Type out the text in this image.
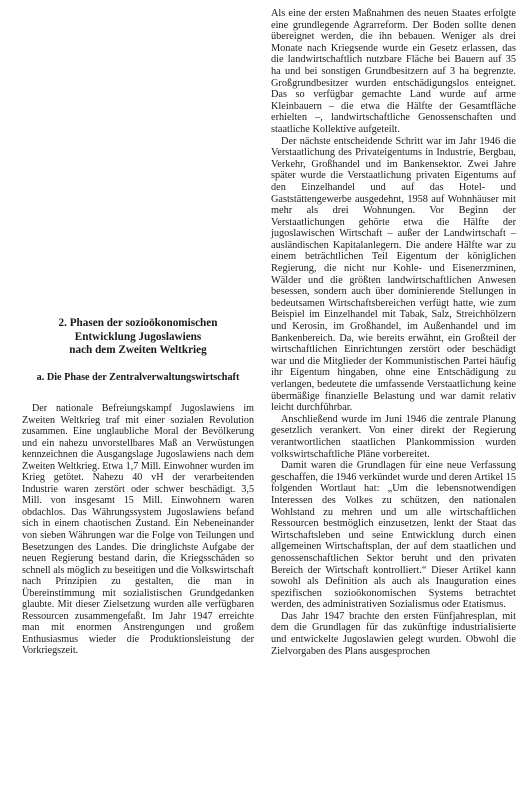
2. Phasen der sozioökonomischen
Entwicklung Jugoslawiens
nach dem Zweiten Weltkrieg
a. Die Phase der Zentralverwaltungswirtschaft

Der nationale Befreiungskampf Jugoslawiens im Zweiten Weltkrieg traf mit einer sozialen Revolution zusammen. Eine unglaubliche Moral der Bevölkerung und ein nahezu unvorstellbares Maß an Verwüstungen kennzeichnen die Ausgangslage Jugoslawiens nach dem Zweiten Weltkrieg. Etwa 1,7 Mill. Einwohner wurden im Krieg getötet. Nahezu 40 vH der verarbeitenden Industrie waren zerstört oder schwer beschädigt. 3,5 Mill. von insgesamt 15 Mill. Einwohnern waren obdachlos. Das Währungssystem Jugoslawiens befand sich in einem chaotischen Zustand. Ein Nebeneinander von sieben Währungen war die Folge von Teilungen und Besetzungen des Landes. Die dringlichste Aufgabe der neuen Regierung bestand darin, die Kriegsschäden so schnell als möglich zu beseitigen und die Volkswirtschaft nach Prinzipien zu gestalten, die man in Übereinstimmung mit sozialistischen Grundgedanken glaubte. Mit dieser Zielsetzung wurden alle verfügbaren Ressourcen zusammengefaßt. Im Jahr 1947 erreichte man mit enormen Anstrengungen und großem Enthusiasmus wieder die Produktionsleistung der Vorkriegszeit.

Als eine der ersten Maßnahmen des neuen Staates erfolgte eine grundlegende Agrarreform. Der Boden sollte denen übereignet werden, die ihn bebauen. Weniger als drei Monate nach Kriegsende wurde ein Gesetz erlassen, das die landwirtschaftlich nutzbare Fläche bei Bauern auf 35 ha und bei sonstigen Grundbesitzern auf 3 ha begrenzte. Großgrundbesitzer wurden entschädigungslos enteignet. Das so verfügbar gemachte Land wurde auf arme Kleinbauern – die etwa die Hälfte der Gesamtfläche erhielten –, landwirtschaftliche Genossenschaften und staatliche Kollektive aufgeteilt.

Der nächste entscheidende Schritt war im Jahr 1946 die Verstaatlichung des Privateigentums in Industrie, Bergbau, Verkehr, Großhandel und im Bankensektor. Zwei Jahre später wurde die Verstaatlichung privaten Eigentums auf den Einzelhandel und auf das Hotel- und Gaststättengewerbe ausgedehnt, 1958 auf Wohnhäuser mit mehr als drei Wohnungen. Vor Beginn der Verstaatlichungen gehörte etwa die Hälfte der jugoslawischen Wirtschaft – außer der Landwirtschaft – ausländischen Kapitalanlegern. Die andere Hälfte war zu einem beträchtlichen Teil Eigentum der königlichen Regierung, die nicht nur Kohle- und Eisenerzminen, Wälder und die größten landwirtschaftlichen Anwesen besessen, sondern auch über dominierende Stellungen in bedeutsamen Wirtschaftsbereichen verfügt hatte, wie zum Beispiel im Einzelhandel mit Tabak, Salz, Streichhölzern und Kerosin, im Großhandel, im Außenhandel und im Bankenbereich. Da, wie bereits erwähnt, ein Großteil der wirtschaftlichen Einrichtungen zerstört oder beschädigt war und die Mitglieder der Kommunistischen Partei häufig ihr Eigentum hingaben, ohne eine Entschädigung zu verlangen, bedeutete die umfassende Verstaatlichung keine übermäßige finanzielle Belastung und war damit relativ leicht durchführbar.

Anschließend wurde im Juni 1946 die zentrale Planung gesetzlich verankert. Von einer direkt der Regierung verantwortlichen staatlichen Plankommission wurden volkswirtschaftliche Pläne vorbereitet.

Damit waren die Grundlagen für eine neue Verfassung geschaffen, die 1946 verkündet wurde und deren Artikel 15 folgenden Wortlaut hat: „Um die lebensnotwendigen Interessen des Volkes zu schützen, den nationalen Wohlstand zu mehren und um alle wirtschaftlichen Ressourcen bestmöglich einzusetzen, lenkt der Staat das Wirtschaftsleben und seine Entwicklung durch einen allgemeinen Wirtschaftsplan, der auf dem staatlichen und genossenschaftlichen Sektor beruht und den privaten Bereich der Wirtschaft kontrolliert.“ Dieser Artikel kann sowohl als Definition als auch als Inauguration eines spezifischen sozioökonomischen Systems betrachtet werden, des administrativen Sozialismus oder Etatismus.

Das Jahr 1947 brachte den ersten Fünfjahresplan, mit dem die Grundlagen für das zukünftige industrialisierte und entwickelte Jugoslawien gelegt wurden. Obwohl die Zielvorgaben des Plans ausgesprochen
